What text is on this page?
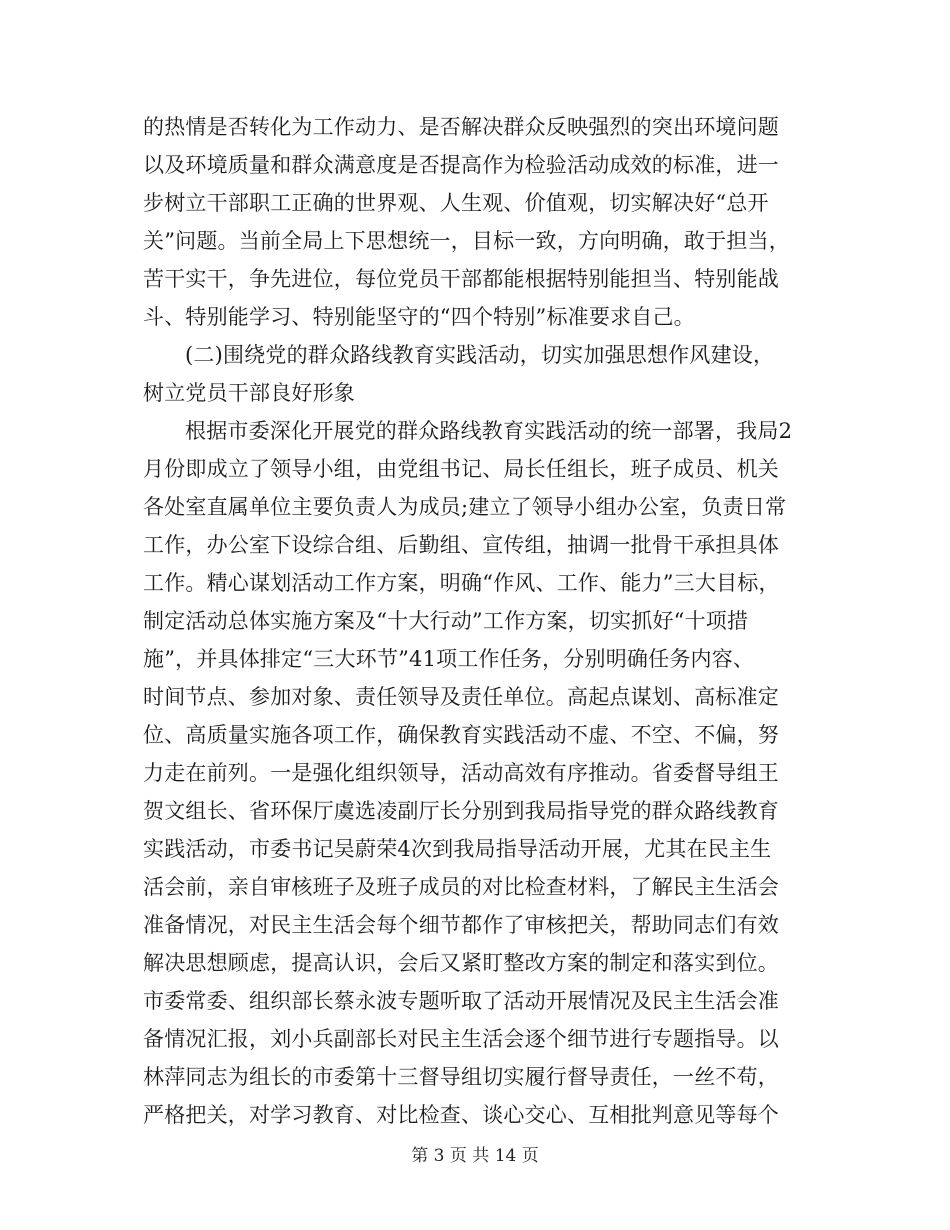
的热情是否转化为工作动力、是否解决群众反映强烈的突出环境问题
以及环境质量和群众满意度是否提高作为检验活动成效的标准，进一
步树立干部职工正确的世界观、人生观、价值观，切实解决好“总开
关”问题。当前全局上下思想统一，目标一致，方向明确，敢于担当，
苦干实干，争先进位，每位党员干部都能根据特别能担当、特别能战
斗、特别能学习、特别能坚守的“四个特别”标准要求自己。
(二)围绕党的群众路线教育实践活动，切实加强思想作风建设，
树立党员干部良好形象
根据市委深化开展党的群众路线教育实践活动的统一部署，我局2
月份即成立了领导小组，由党组书记、局长任组长，班子成员、机关
各处室直属单位主要负责人为成员;建立了领导小组办公室，负责日常
工作，办公室下设综合组、后勤组、宣传组，抽调一批骨干承担具体
工作。精心谋划活动工作方案，明确“作风、工作、能力”三大目标，
制定活动总体实施方案及“十大行动”工作方案，切实抓好“十项措
施”，并具体排定“三大环节”41项工作任务，分别明确任务内容、
时间节点、参加对象、责任领导及责任单位。高起点谋划、高标准定
位、高质量实施各项工作，确保教育实践活动不虚、不空、不偏，努
力走在前列。一是强化组织领导，活动高效有序推动。省委督导组王
贺文组长、省环保厅虞选凌副厅长分别到我局指导党的群众路线教育
实践活动，市委书记吴蔚荣4次到我局指导活动开展，尤其在民主生
活会前，亲自审核班子及班子成员的对比检查材料，了解民主生活会
准备情况，对民主生活会每个细节都作了审核把关，帮助同志们有效
解决思想顾虑，提高认识，会后又紧盯整改方案的制定和落实到位。
市委常委、组织部长蔡永波专题听取了活动开展情况及民主生活会准
备情况汇报，刘小兵副部长对民主生活会逐个细节进行专题指导。以
林萍同志为组长的市委第十三督导组切实履行督导责任，一丝不苟，
严格把关，对学习教育、对比检查、谈心交心、互相批判意见等每个
第 3 页 共 14 页
